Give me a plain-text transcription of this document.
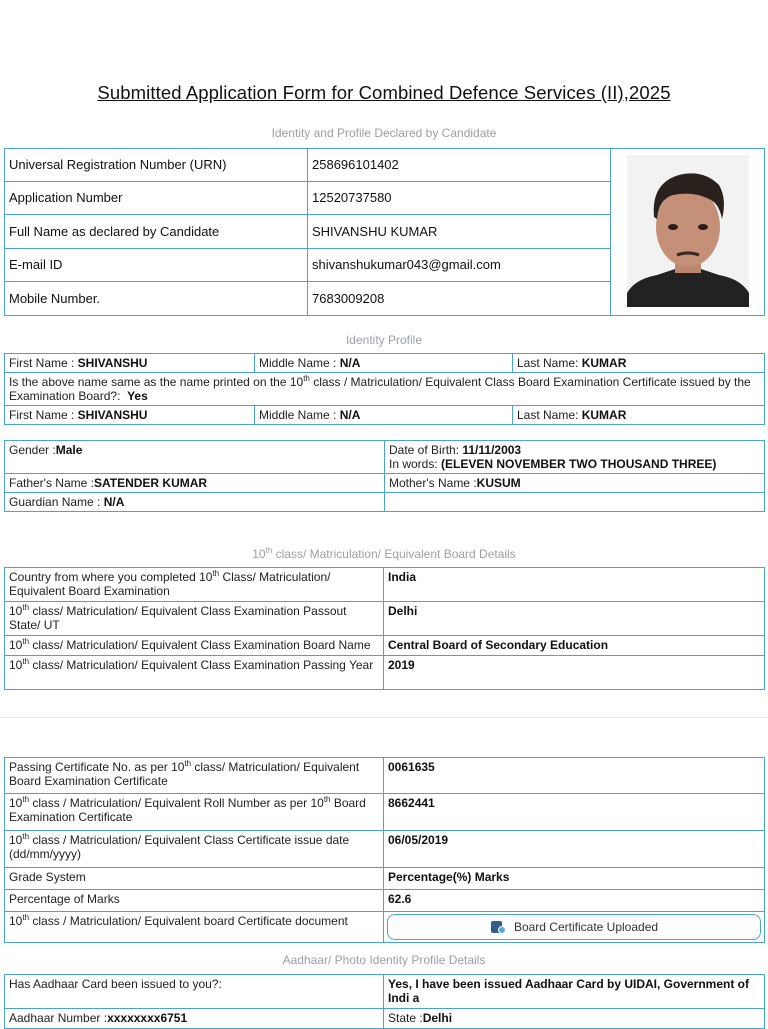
Submitted Application Form for Combined Defence Services (II),2025
Identity and Profile Declared by Candidate
Universal Registration Number (URN)	258696101402	
Application Number	12520737580	
Full Name as declared by Candidate	SHIVANSHU KUMAR	
E-mail ID	shivanshukumar043@gmail.com	
Mobile Number.	7683009208	
Identity Profile
First Name : SHIVANSHU	Middle Name : N/A	Last Name: KUMAR
Is the above name same as the name printed on the 10th class / Matriculation/ Equivalent Class Board Examination Certificate issued by the Examination Board?: Yes		
First Name : SHIVANSHU	Middle Name : N/A	Last Name: KUMAR
Gender :Male	Date of Birth: 11/11/2003
In words: (ELEVEN NOVEMBER TWO THOUSAND THREE)
Father's Name :SATENDER KUMAR	Mother's Name :KUSUM
Guardian Name : N/A	
10th class/ Matriculation/ Equivalent Board Details
Country from where you completed 10th Class/ Matriculation/ Equivalent Board Examination	India
10th class/ Matriculation/ Equivalent Class Examination Passout State/ UT	Delhi
10th class/ Matriculation/ Equivalent Class Examination Board Name	Central Board of Secondary Education
10th class/ Matriculation/ Equivalent Class Examination Passing Year	2019
Passing Certificate No. as per 10th class/ Matriculation/ Equivalent Board Examination Certificate	0061635
10th class / Matriculation/ Equivalent Roll Number as per 10th Board Examination Certificate	8662441
10th class / Matriculation/ Equivalent Class Certificate issue date (dd/mm/yyyy)	06/05/2019
Grade System	Percentage(%) Marks
Percentage of Marks	62.6
10th class / Matriculation/ Equivalent board Certificate document	Board Certificate Uploaded
Aadhaar/ Photo Identity Profile Details
Has Aadhaar Card been issued to you?:	Yes, I have been issued Aadhaar Card by UIDAI, Government of Indi a
Aadhaar Number :xxxxxxxx6751	State :Delhi
